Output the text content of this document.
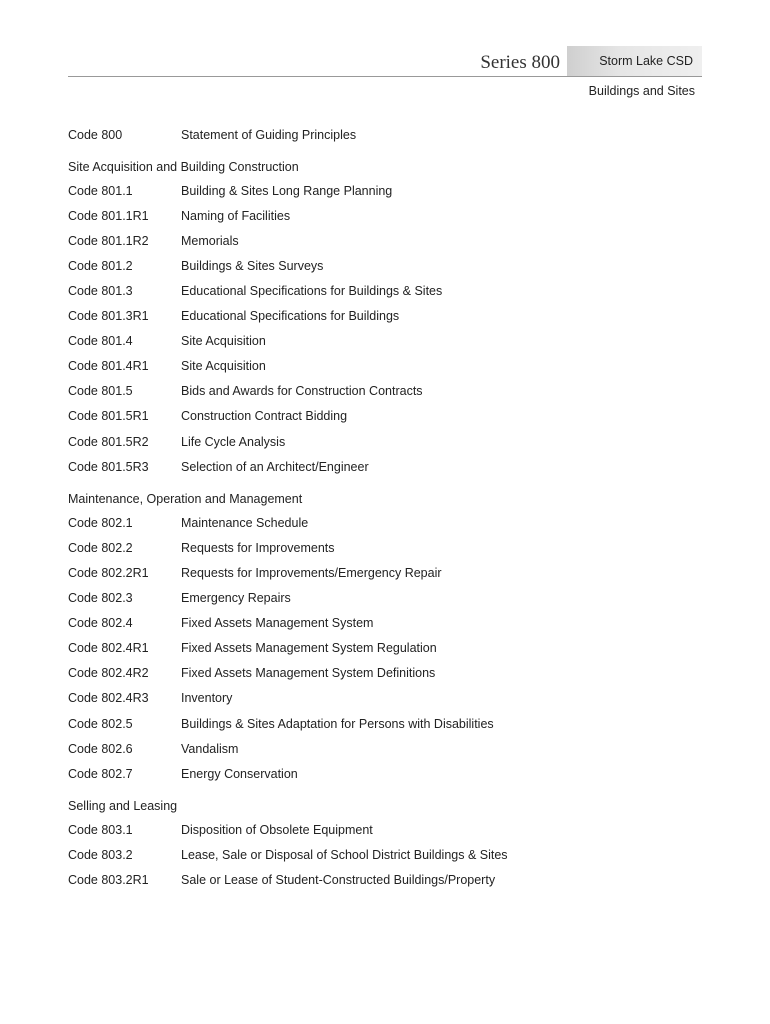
Series 800	Storm Lake CSD
Buildings and Sites
Code 800	Statement of Guiding Principles
Site Acquisition and Building Construction
Code 801.1	Building & Sites Long Range Planning
Code 801.1R1	Naming of Facilities
Code 801.1R2	Memorials
Code 801.2	Buildings & Sites Surveys
Code 801.3	Educational Specifications for Buildings & Sites
Code 801.3R1	Educational Specifications for Buildings
Code 801.4	Site Acquisition
Code 801.4R1	Site Acquisition
Code 801.5	Bids and Awards for Construction Contracts
Code 801.5R1	Construction Contract Bidding
Code 801.5R2	Life Cycle Analysis
Code 801.5R3	Selection of an Architect/Engineer
Maintenance, Operation and Management
Code 802.1	Maintenance Schedule
Code 802.2	Requests for Improvements
Code 802.2R1	Requests for Improvements/Emergency Repair
Code 802.3	Emergency Repairs
Code 802.4	Fixed Assets Management System
Code 802.4R1	Fixed Assets Management System Regulation
Code 802.4R2	Fixed Assets Management System Definitions
Code 802.4R3	Inventory
Code 802.5	Buildings & Sites Adaptation for Persons with Disabilities
Code 802.6	Vandalism
Code 802.7	Energy Conservation
Selling and Leasing
Code 803.1	Disposition of Obsolete Equipment
Code 803.2	Lease, Sale or Disposal of School District Buildings & Sites
Code 803.2R1	Sale or Lease of Student-Constructed Buildings/Property
